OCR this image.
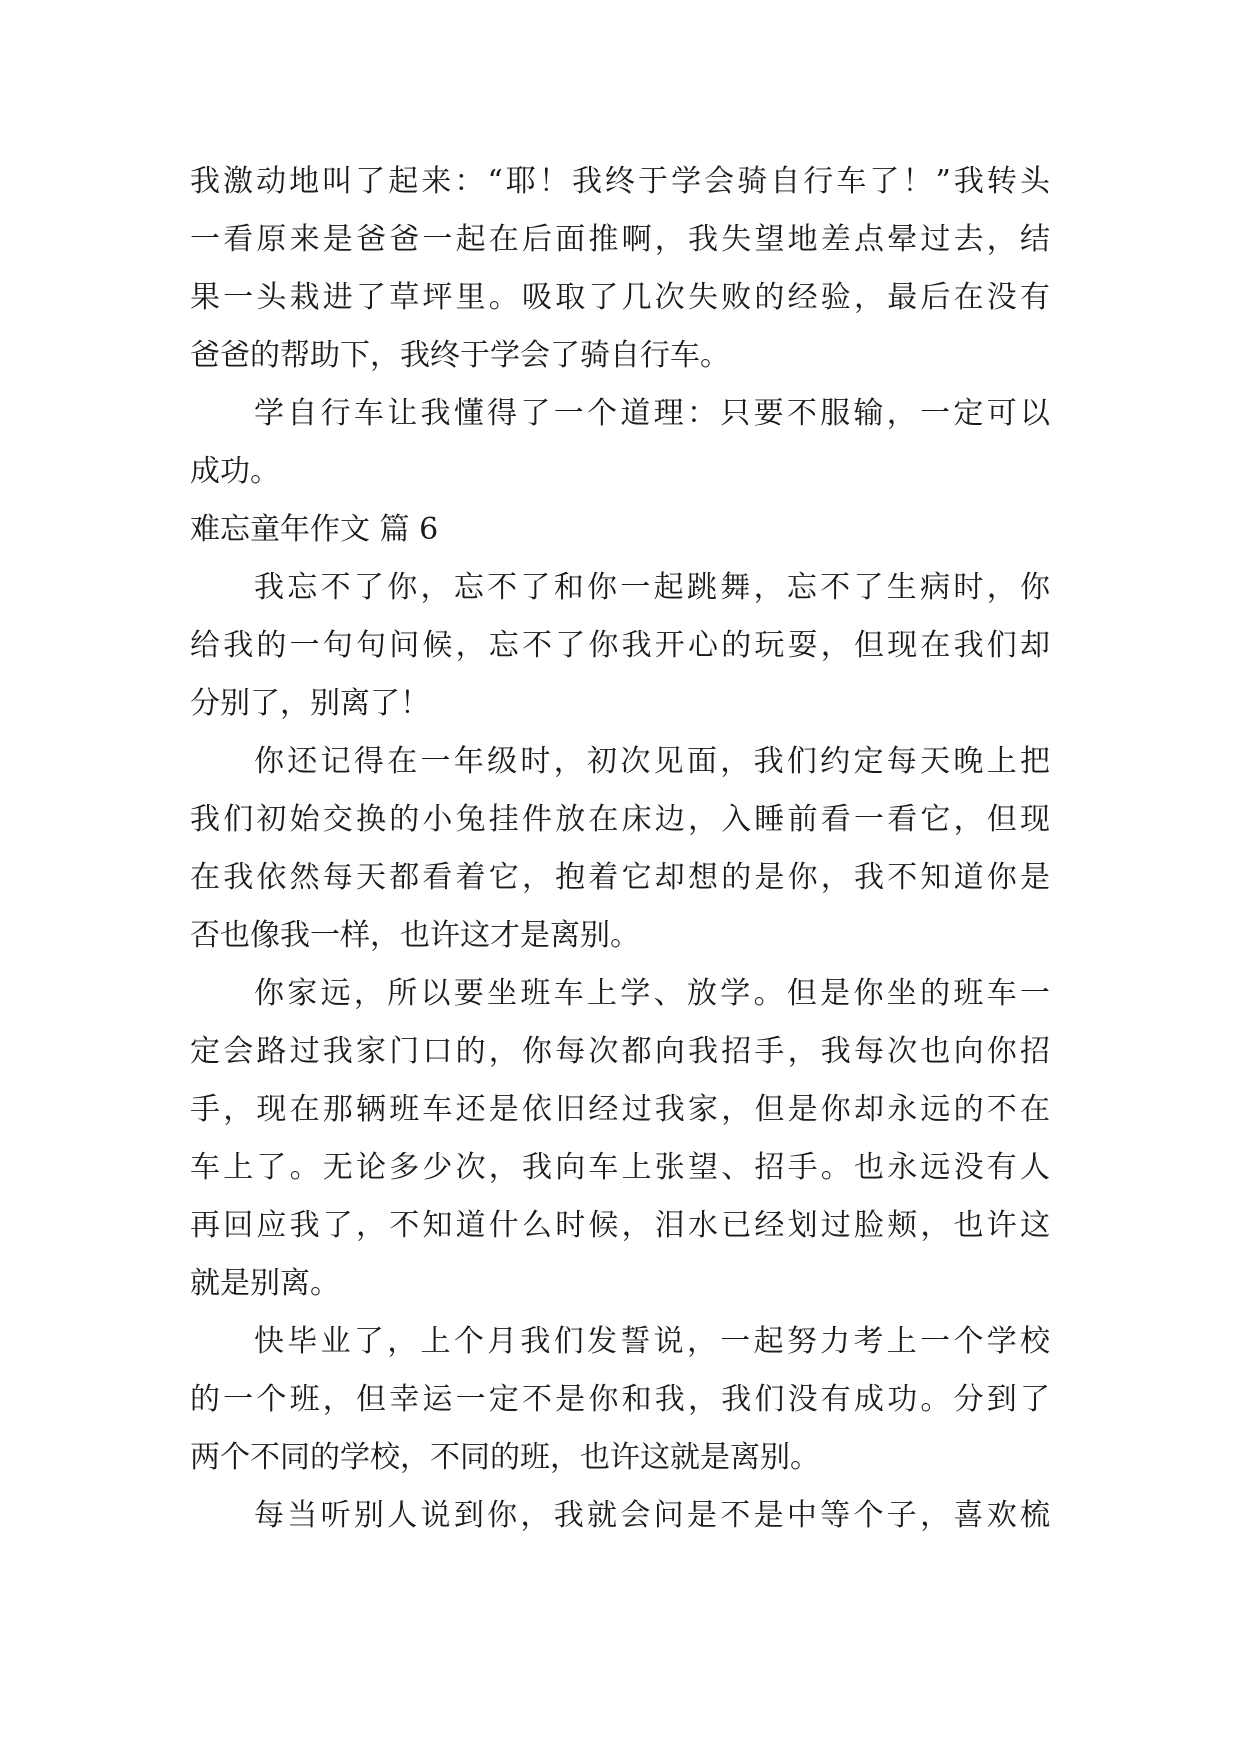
我激动地叫了起来：“耶！我终于学会骑自行车了！”我转头
一看原来是爸爸一起在后面推啊，我失望地差点晕过去，结
果一头栽进了草坪里。吸取了几次失败的经验，最后在没有
爸爸的帮助下，我终于学会了骑自行车。
学自行车让我懂得了一个道理：只要不服输，一定可以
成功。
难忘童年作文 篇 6
我忘不了你，忘不了和你一起跳舞，忘不了生病时，你
给我的一句句问候，忘不了你我开心的玩耍，但现在我们却
分别了，别离了！
你还记得在一年级时，初次见面，我们约定每天晚上把
我们初始交换的小兔挂件放在床边，入睡前看一看它，但现
在我依然每天都看着它，抱着它却想的是你，我不知道你是
否也像我一样，也许这才是离别。
你家远，所以要坐班车上学、放学。但是你坐的班车一
定会路过我家门口的，你每次都向我招手，我每次也向你招
手，现在那辆班车还是依旧经过我家，但是你却永远的不在
车上了。无论多少次，我向车上张望、招手。也永远没有人
再回应我了，不知道什么时候，泪水已经划过脸颊，也许这
就是别离。
快毕业了，上个月我们发誓说，一起努力考上一个学校
的一个班，但幸运一定不是你和我，我们没有成功。分到了
两个不同的学校，不同的班，也许这就是离别。
每当听别人说到你，我就会问是不是中等个子，喜欢梳
